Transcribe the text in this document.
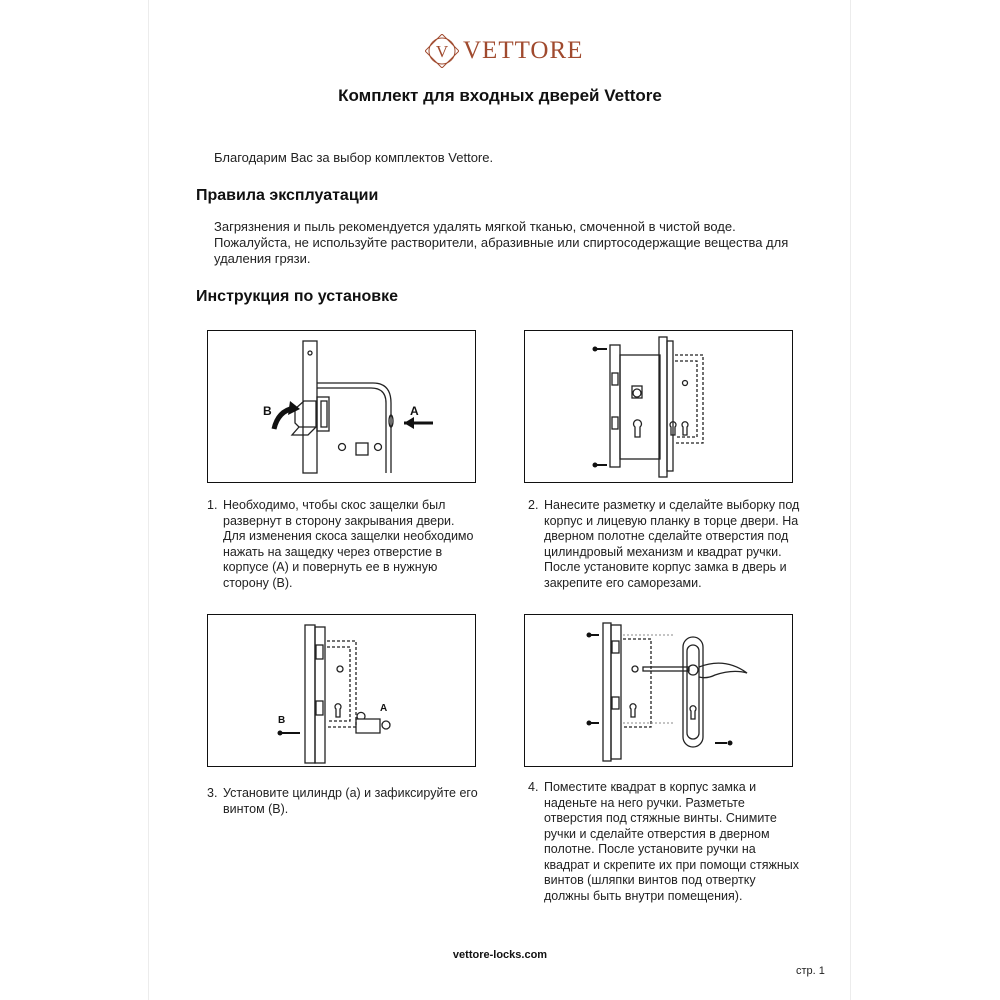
V VETTORE
Комплект для входных дверей Vettore
Благодарим Вас за выбор комплектов Vettore.
Правила эксплуатации
Загрязнения и пыль рекомендуется удалять мягкой тканью, смоченной в чистой воде. Пожалуйста, не используйте растворители, абразивные или спиртосодержащие вещества для удаления грязи.
Инструкция по установке
B	A
B
A
1. Необходимо, чтобы скос защелки был развернут в сторону закрывания двери. Для изменения скоса защелки необходимо нажать на защедку через отверстие в корпусе (А) и повернуть ее в нужную сторону (В).
2. Нанесите разметку и сделайте выборку под корпус и лицевую планку в торце двери. На дверном полотне сделайте отверстия под цилиндровый механизм и квадрат ручки. После установите корпус замка в дверь и закрепите его саморезами.
3. Установите цилиндр (а) и зафиксируйте его винтом (В).
4. Поместите квадрат в корпус замка и наденьте на него ручки. Разметьте отверстия под стяжные винты. Снимите ручки и сделайте отверстия в дверном полотне. После установите ручки на квадрат и скрепите их при помощи стяжных винтов (шляпки винтов под отвертку должны быть внутри помещения).
vettore-locks.com
стр. 1
